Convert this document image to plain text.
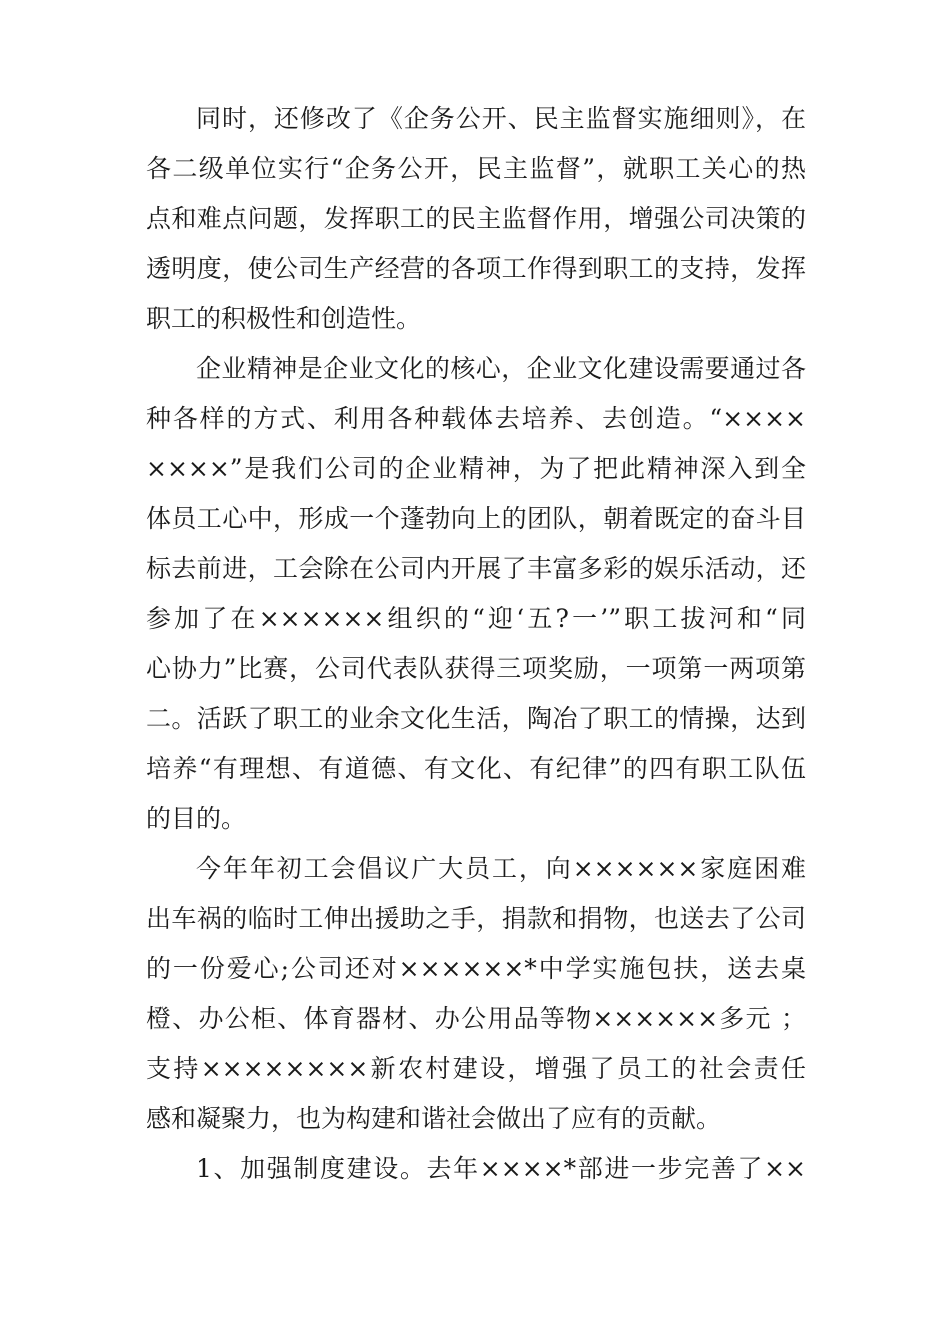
同时，还修改了《企务公开、民主监督实施细则》，在
各二级单位实行“企务公开，民主监督”，就职工关心的热
点和难点问题，发挥职工的民主监督作用，增强公司决策的
透明度，使公司生产经营的各项工作得到职工的支持，发挥
职工的积极性和创造性。
企业精神是企业文化的核心，企业文化建设需要通过各
种各样的方式、利用各种载体去培养、去创造。“××××
××××”是我们公司的企业精神，为了把此精神深入到全
体员工心中，形成一个蓬勃向上的团队，朝着既定的奋斗目
标去前进，工会除在公司内开展了丰富多彩的娱乐活动，还
参加了在××××××组织的“迎‘五?一’”职工拔河和“同
心协力”比赛，公司代表队获得三项奖励，一项第一两项第
二。活跃了职工的业余文化生活，陶冶了职工的情操，达到
培养“有理想、有道德、有文化、有纪律”的四有职工队伍
的目的。
今年年初工会倡议广大员工，向××××××家庭困难
出车祸的临时工伸出援助之手，捐款和捐物，也送去了公司
的一份爱心;公司还对××××××*中学实施包扶，送去桌
橙、办公柜、体育器材、办公用品等物××××××多元 ；
支持××××××××新农村建设，增强了员工的社会责任
感和凝聚力，也为构建和谐社会做出了应有的贡献。
1、加强制度建设。去年××××*部进一步完善了××
